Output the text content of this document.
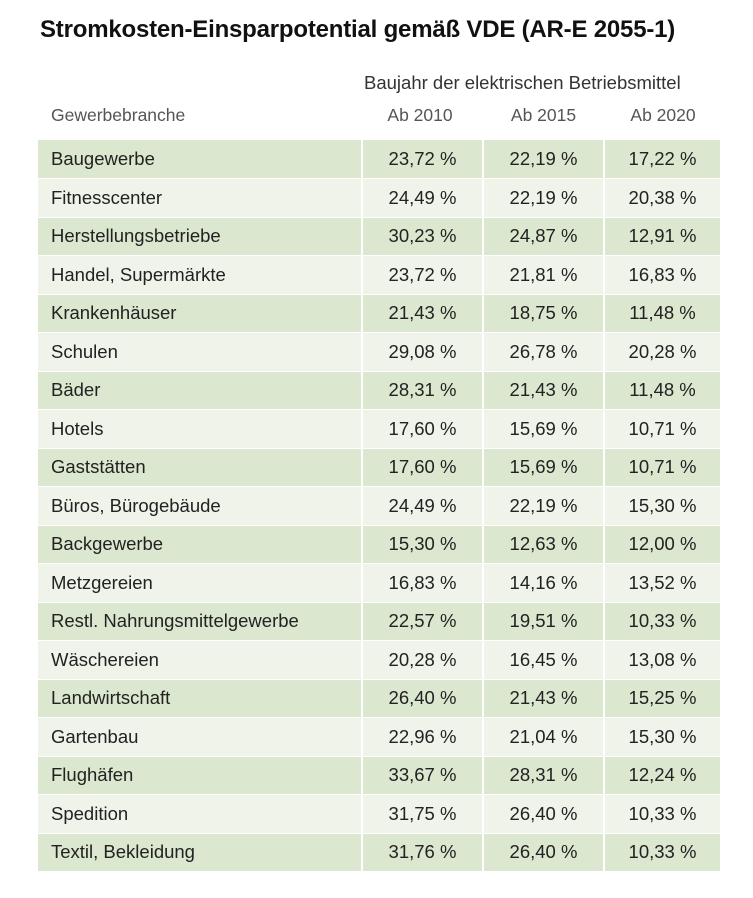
Stromkosten-Einsparpotential gemäß VDE (AR-E 2055-1)
Baujahr der elektrischen Betriebsmittel
Gewerbebranche	Ab 2010	Ab 2015	Ab 2020
Baugewerbe	23,72 %	22,19 %	17,22 %
Fitnesscenter	24,49 %	22,19 %	20,38 %
Herstellungsbetriebe	30,23 %	24,87 %	12,91 %
Handel, Supermärkte	23,72 %	21,81 %	16,83 %
Krankenhäuser	21,43 %	18,75 %	11,48 %
Schulen	29,08 %	26,78 %	20,28 %
Bäder	28,31 %	21,43 %	11,48 %
Hotels	17,60 %	15,69 %	10,71 %
Gaststätten	17,60 %	15,69 %	10,71 %
Büros, Bürogebäude	24,49 %	22,19 %	15,30 %
Backgewerbe	15,30 %	12,63 %	12,00 %
Metzgereien	16,83 %	14,16 %	13,52 %
Restl. Nahrungsmittelgewerbe	22,57 %	19,51 %	10,33 %
Wäschereien	20,28 %	16,45 %	13,08 %
Landwirtschaft	26,40 %	21,43 %	15,25 %
Gartenbau	22,96 %	21,04 %	15,30 %
Flughäfen	33,67 %	28,31 %	12,24 %
Spedition	31,75 %	26,40 %	10,33 %
Textil, Bekleidung	31,76 %	26,40 %	10,33 %
